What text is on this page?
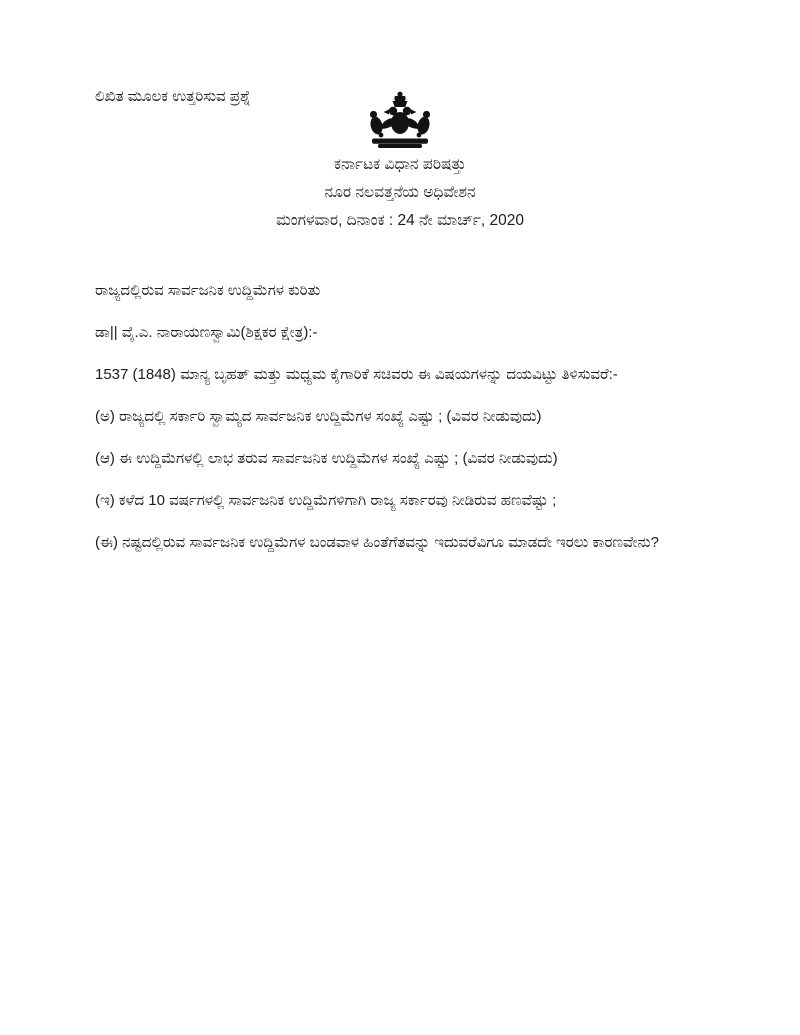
ಲಿಖಿತ ಮೂಲಕ ಉತ್ತರಿಸುವ ಪ್ರಶ್ನೆ

ಕರ್ನಾಟಕ ವಿಧಾನ ಪರಿಷತ್ತು

ನೂರ ನಲವತ್ತನೆಯ ಅಧಿವೇಶನ

ಮಂಗಳವಾರ, ದಿನಾಂಕ : 24 ನೇ ಮಾರ್ಚ್, 2020

ರಾಜ್ಯದಲ್ಲಿರುವ ಸಾರ್ವಜನಿಕ ಉದ್ದಿಮೆಗಳ ಕುರಿತು

ಡಾ|| ವೈ.ಎ. ನಾರಾಯಣಸ್ವಾಮಿ(ಶಿಕ್ಷಕರ ಕ್ಷೇತ್ರ):-

1537 (1848) ಮಾನ್ಯ ಬೃಹತ್ ಮತ್ತು ಮಧ್ಯಮ ಕೈಗಾರಿಕೆ ಸಚಿವರು ಈ ವಿಷಯಗಳನ್ನು ದಯವಿಟ್ಟು ತಿಳಿಸುವರೆ:-

(ಅ) ರಾಜ್ಯದಲ್ಲಿ ಸರ್ಕಾರಿ ಸ್ವಾಮ್ಯದ ಸಾರ್ವಜನಿಕ ಉದ್ದಿಮೆಗಳ ಸಂಖ್ಯೆ ಎಷ್ಟು ; (ವಿವರ ನೀಡುವುದು)

(ಆ) ಈ ಉದ್ದಿಮೆಗಳಲ್ಲಿ ಲಾಭ ತರುವ ಸಾರ್ವಜನಿಕ ಉದ್ದಿಮೆಗಳ ಸಂಖ್ಯೆ ಎಷ್ಟು ; (ವಿವರ ನೀಡುವುದು)

(ಇ) ಕಳೆದ 10 ವರ್ಷಗಳಲ್ಲಿ ಸಾರ್ವಜನಿಕ ಉದ್ದಿಮೆಗಳಿಗಾಗಿ ರಾಜ್ಯ ಸರ್ಕಾರವು ನೀಡಿರುವ ಹಣವೆಷ್ಟು ;

(ಈ) ನಷ್ಟದಲ್ಲಿರುವ ಸಾರ್ವಜನಿಕ ಉದ್ದಿಮೆಗಳ ಬಂಡವಾಳ ಹಿಂತೆಗೆತವನ್ನು ಇದುವರೆವಿಗೂ ಮಾಡದೇ ಇರಲು ಕಾರಣವೇನು?
